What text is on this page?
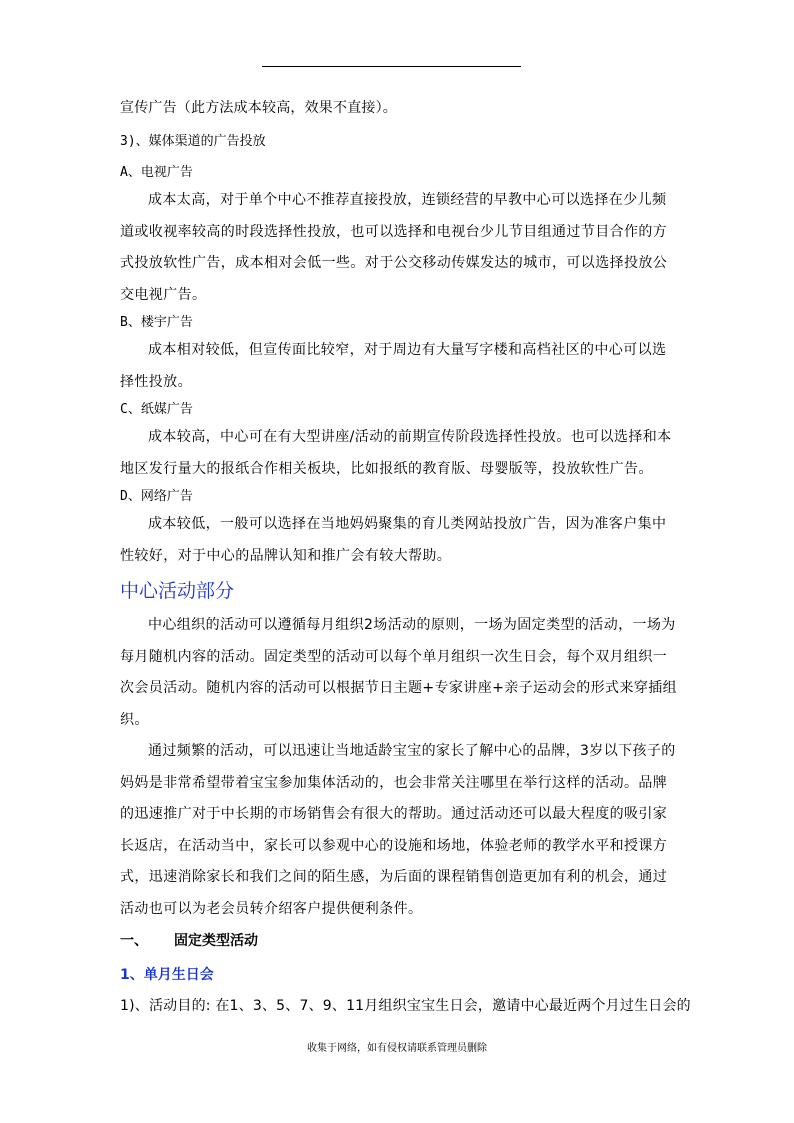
宣传广告（此方法成本较高，效果不直接）。

3)、媒体渠道的广告投放

A、电视广告

成本太高，对于单个中心不推荐直接投放，连锁经营的早教中心可以选择在少儿频道或收视率较高的时段选择性投放，也可以选择和电视台少儿节目组通过节目合作的方式投放软性广告，成本相对会低一些。对于公交移动传媒发达的城市，可以选择投放公交电视广告。

B、楼宇广告

成本相对较低，但宣传面比较窄，对于周边有大量写字楼和高档社区的中心可以选择性投放。

C、纸媒广告

成本较高，中心可在有大型讲座/活动的前期宣传阶段选择性投放。也可以选择和本地区发行量大的报纸合作相关板块，比如报纸的教育版、母婴版等，投放软性广告。

D、网络广告

成本较低，一般可以选择在当地妈妈聚集的育儿类网站投放广告，因为准客户集中性较好，对于中心的品牌认知和推广会有较大帮助。

中心活动部分

中心组织的活动可以遵循每月组织2场活动的原则，一场为固定类型的活动，一场为每月随机内容的活动。固定类型的活动可以每个单月组织一次生日会，每个双月组织一次会员活动。随机内容的活动可以根据节日主题+专家讲座+亲子运动会的形式来穿插组织。

通过频繁的活动，可以迅速让当地适龄宝宝的家长了解中心的品牌，3岁以下孩子的妈妈是非常希望带着宝宝参加集体活动的，也会非常关注哪里在举行这样的活动。品牌的迅速推广对于中长期的市场销售会有很大的帮助。通过活动还可以最大程度的吸引家长返店，在活动当中，家长可以参观中心的设施和场地，体验老师的教学水平和授课方式，迅速消除家长和我们之间的陌生感，为后面的课程销售创造更加有利的机会，通过活动也可以为老会员转介绍客户提供便利条件。

一、 固定类型活动

1、单月生日会

1)、活动目的: 在1、3、5、7、9、11月组织宝宝生日会，邀请中心最近两个月过生日会的

收集于网络，如有侵权请联系管理员删除
